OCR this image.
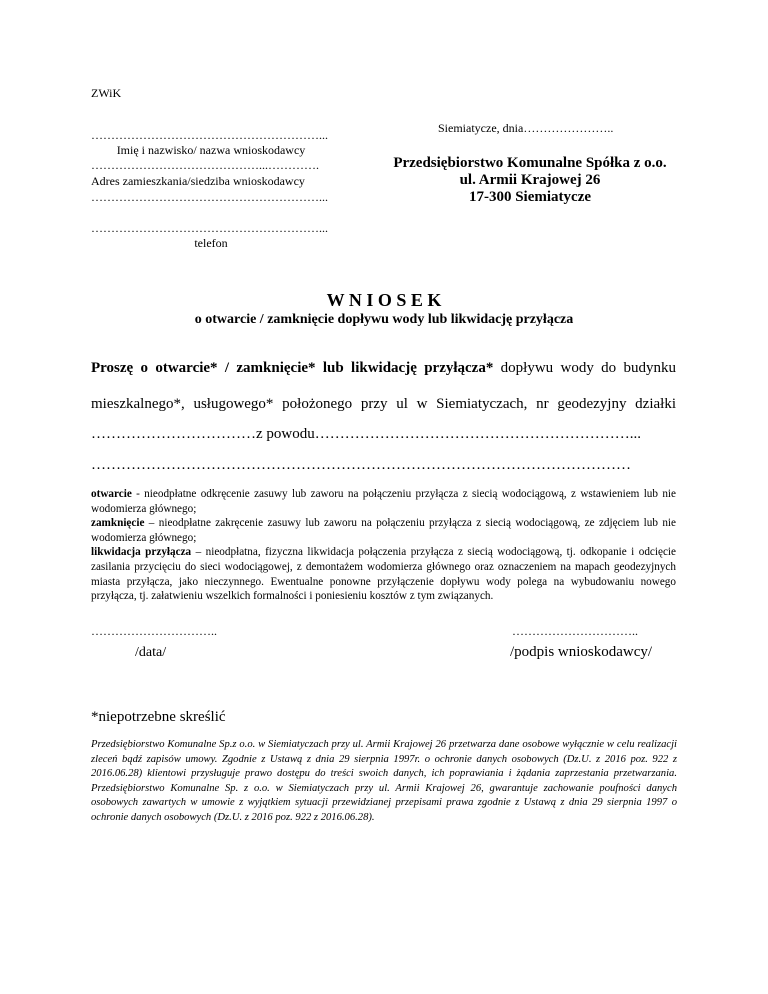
ZWiK
Siemiatycze, dnia…………………..
…………………………………………………...
Imię i nazwisko/ nazwa wnioskodawcy
……………………………………...………….
Adres zamieszkania/siedziba wnioskodawcy
…………………………………………………...
…………………………………………………...
telefon
Przedsiębiorstwo Komunalne Spółka z o.o.
ul. Armii Krajowej 26
17-300 Siemiatycze
W N I O S E K
o otwarcie / zamknięcie dopływu wody lub likwidację przyłącza
Proszę o otwarcie* / zamknięcie* lub likwidację przyłącza* dopływu wody do budynku
mieszkalnego*, usługowego* położonego przy ul w Siemiatyczach, nr geodezyjny działki
……………………………z powodu………………………………………………………...
………………………………………………………………………………………………

otwarcie - nieodpłatne odkręcenie zasuwy lub zaworu na połączeniu przyłącza z siecią wodociągową, z wstawieniem lub nie wodomierza głównego;

zamknięcie – nieodpłatne zakręcenie zasuwy lub zaworu na połączeniu przyłącza z siecią wodociągową, ze zdjęciem lub nie wodomierza głównego;

likwidacja przyłącza – nieodpłatna, fizyczna likwidacja połączenia przyłącza z siecią wodociągową, tj. odkopanie i odcięcie zasilania przycięciu do sieci wodociągowej, z demontażem wodomierza głównego oraz oznaczeniem na mapach geodezyjnych miasta przyłącza, jako nieczynnego. Ewentualne ponowne przyłączenie dopływu wody polega na wybudowaniu nowego przyłącza, tj. załatwieniu wszelkich formalności i poniesieniu kosztów z tym związanych.

…………………………..
/data/
…………………………..
/podpis wnioskodawcy/
*niepotrzebne skreślić
Przedsiębiorstwo Komunalne Sp.z o.o. w Siemiatyczach przy ul. Armii Krajowej 26 przetwarza dane osobowe wyłącznie w celu realizacji zleceń bądź zapisów umowy. Zgodnie z Ustawą z dnia 29 sierpnia 1997r. o ochronie danych osobowych (Dz.U. z 2016 poz. 922 z 2016.06.28) klientowi przysługuje prawo dostępu do treści swoich danych, ich poprawiania i żądania zaprzestania przetwarzania. Przedsiębiorstwo Komunalne Sp. z o.o. w Siemiatyczach przy ul. Armii Krajowej 26, gwarantuje zachowanie poufności danych osobowych zawartych w umowie z wyjątkiem sytuacji przewidzianej przepisami prawa zgodnie z Ustawą z dnia 29 sierpnia 1997 o ochronie danych osobowych (Dz.U. z 2016 poz. 922 z 2016.06.28).
